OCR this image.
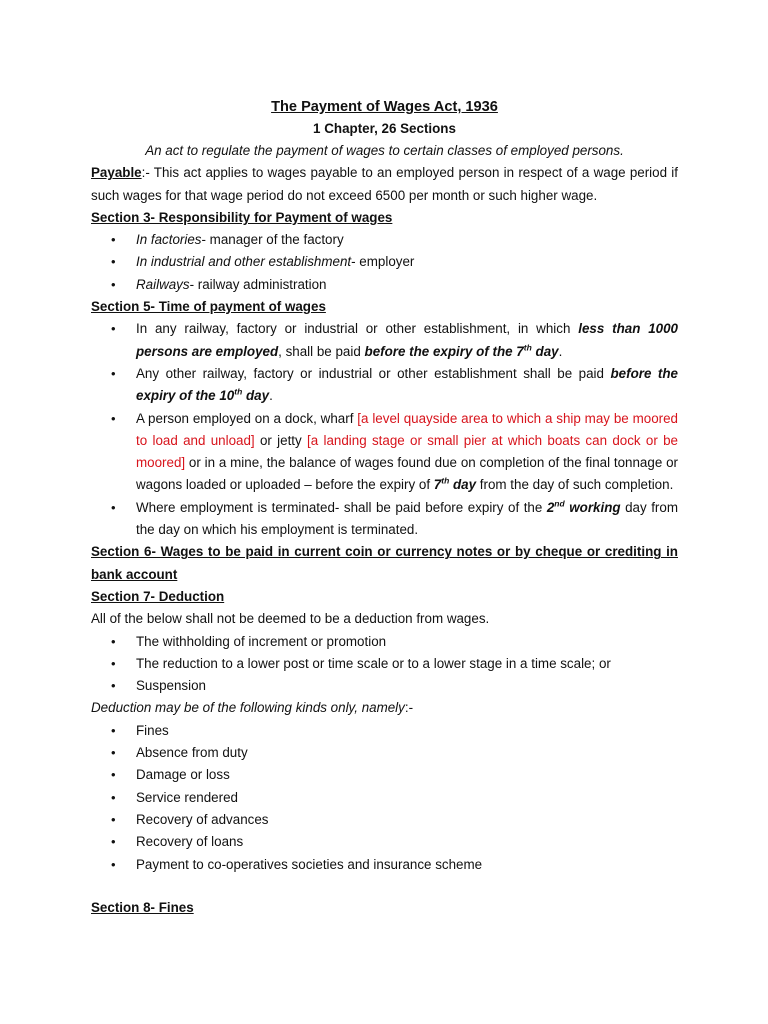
The Payment of Wages Act, 1936

1 Chapter, 26 Sections

An act to regulate the payment of wages to certain classes of employed persons.

Payable:- This act applies to wages payable to an employed person in respect of a wage period if such wages for that wage period do not exceed 6500 per month or such higher wage.

Section 3- Responsibility for Payment of wages

• In factories- manager of the factory
• In industrial and other establishment- employer
• Railways- railway administration

Section 5- Time of payment of wages

• In any railway, factory or industrial or other establishment, in which less than 1000 persons are employed, shall be paid before the expiry of the 7th day.
• Any other railway, factory or industrial or other establishment shall be paid before the expiry of the 10th day.
• A person employed on a dock, wharf [a level quayside area to which a ship may be moored to load and unload] or jetty [a landing stage or small pier at which boats can dock or be moored] or in a mine, the balance of wages found due on completion of the final tonnage or wagons loaded or uploaded – before the expiry of 7th day from the day of such completion.
• Where employment is terminated- shall be paid before expiry of the 2nd working day from the day on which his employment is terminated.

Section 6- Wages to be paid in current coin or currency notes or by cheque or crediting in bank account

Section 7- Deduction

All of the below shall not be deemed to be a deduction from wages.

• The withholding of increment or promotion
• The reduction to a lower post or time scale or to a lower stage in a time scale; or
• Suspension

Deduction may be of the following kinds only, namely:-

• Fines
• Absence from duty
• Damage or loss
• Service rendered
• Recovery of advances
• Recovery of loans
• Payment to co-operatives societies and insurance scheme

Section 8- Fines
